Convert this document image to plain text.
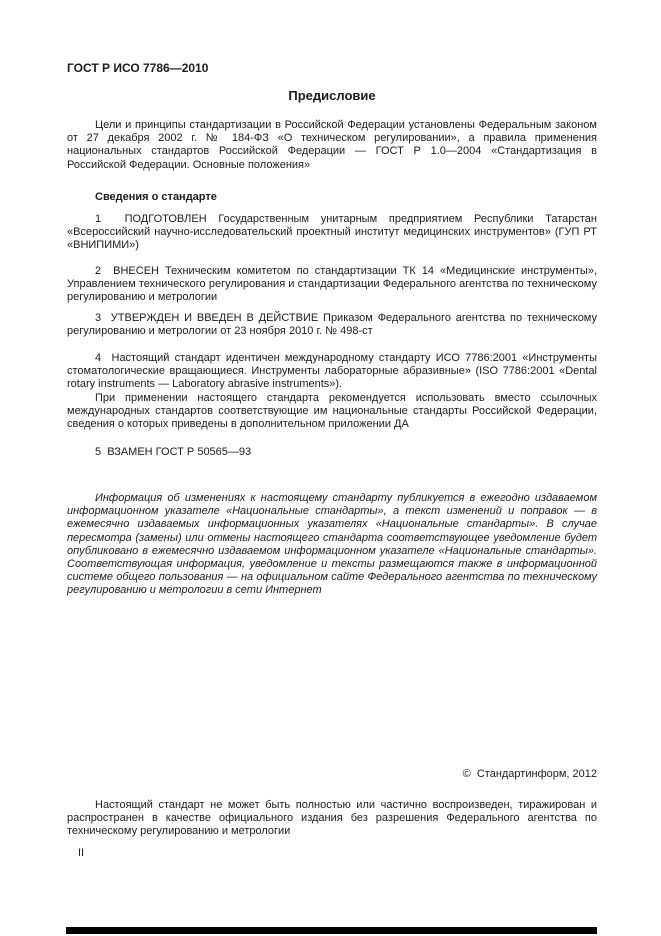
ГОСТ Р ИСО 7786—2010
Предисловие
Цели и принципы стандартизации в Российской Федерации установлены Федеральным законом от 27 декабря 2002 г. № 184-ФЗ «О техническом регулировании», а правила применения национальных стандартов Российской Федерации — ГОСТ Р 1.0—2004 «Стандартизация в Российской Федерации. Основные положения»
Сведения о стандарте

1  ПОДГОТОВЛЕН Государственным унитарным предприятием Республики Татарстан «Всероссийский научно-исследовательский проектный институт медицинских инструментов» (ГУП РТ «ВНИПИМИ»)

2  ВНЕСЕН Техническим комитетом по стандартизации ТК 14 «Медицинские инструменты», Управлением технического регулирования и стандартизации Федерального агентства по техническому регулированию и метрологии

3  УТВЕРЖДЕН И ВВЕДЕН В ДЕЙСТВИЕ Приказом Федерального агентства по техническому регулированию и метрологии от 23 ноября 2010 г. № 498-ст

4  Настоящий стандарт идентичен международному стандарту ИСО 7786:2001 «Инструменты стоматологические вращающиеся. Инструменты лабораторные абразивные» (ISO 7786:2001 «Dental rotary instruments — Laboratory abrasive instruments»).

При применении настоящего стандарта рекомендуется использовать вместо ссылочных международных стандартов соответствующие им национальные стандарты Российской Федерации, сведения о которых приведены в дополнительном приложении ДА

5  ВЗАМЕН ГОСТ Р 50565—93

Информация об изменениях к настоящему стандарту публикуется в ежегодно издаваемом информационном указателе «Национальные стандарты», а текст изменений и поправок — в ежемесячно издаваемых информационных указателях «Национальные стандарты». В случае пересмотра (замены) или отмены настоящего стандарта соответствующее уведомление будет опубликовано в ежемесячно издаваемом информационном указателе «Национальные стандарты». Соответствующая информация, уведомление и тексты размещаются также в информационной системе общего пользования — на официальном сайте Федерального агентства по техническому регулированию и метрологии в сети Интернет
©  Стандартинформ, 2012
Настоящий стандарт не может быть полностью или частично воспроизведен, тиражирован и распространен в качестве официального издания без разрешения Федерального агентства по техническому регулированию и метрологии
II
